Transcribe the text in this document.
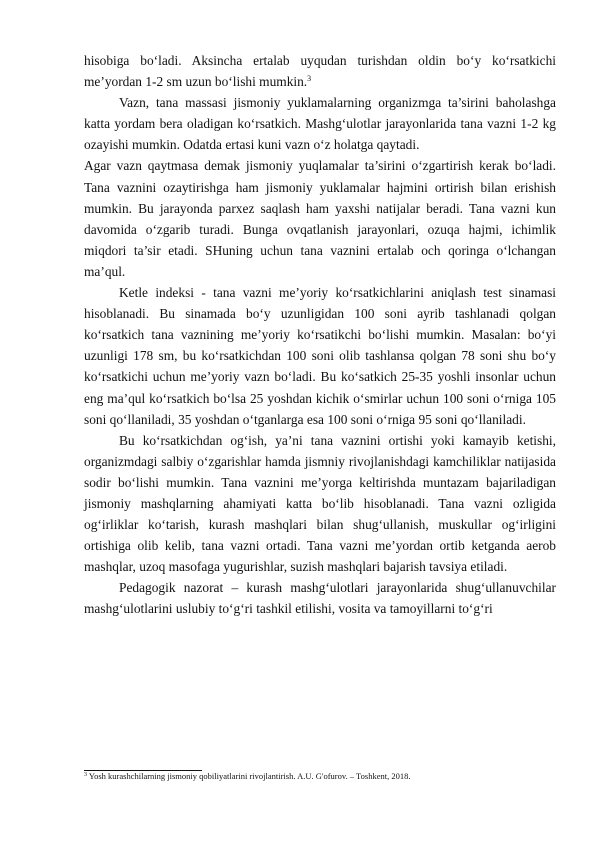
hisobiga bo‘ladi. Aksincha ertalab uyqudan turishdan oldin bo‘y ko‘rsatkichi me’yordan 1-2 sm uzun bo‘lishi mumkin.$^3$

Vazn, tana massasi jismoniy yuklamalarning organizmga ta’sirini baholashga katta yordam bera oladigan ko‘rsatkich. Mashg‘ulotlar jarayonlarida tana vazni 1-2 kg ozayishi mumkin. Odatda ertasi kuni vazn o‘z holatga qaytadi.

Agar vazn qaytmasa demak jismoniy yuqlamalar ta’sirini o‘zgartirish kerak bo‘ladi. Tana vaznini ozaytirishga ham jismoniy yuklamalar hajmini ortirish bilan erishish mumkin. Bu jarayonda parxez saqlash ham yaxshi natijalar beradi. Tana vazni kun davomida o‘zgarib turadi. Bunga ovqatlanish jarayonlari, ozuqa hajmi, ichimlik miqdori ta’sir etadi. SHuning uchun tana vaznini ertalab och qoringa o‘lchangan ma’qul.

Ketle indeksi - tana vazni me’yoriy ko‘rsatkichlarini aniqlash test sinamasi hisoblanadi. Bu sinamada bo‘y uzunligidan 100 soni ayrib tashlanadi qolgan ko‘rsatkich tana vaznining me’yoriy ko‘rsatikchi bo‘lishi mumkin. Masalan: bo‘yi uzunligi 178 sm, bu ko‘rsatkichdan 100 soni olib tashlansa qolgan 78 soni shu bo‘y ko‘rsatkichi uchun me’yoriy vazn bo‘ladi. Bu ko‘satkich 25-35 yoshli insonlar uchun eng ma’qul ko‘rsatkich bo‘lsa 25 yoshdan kichik o‘smirlar uchun 100 soni o‘rniga 105 soni qo‘llaniladi, 35 yoshdan o‘tganlarga esa 100 soni o‘rniga 95 soni qo‘llaniladi.

Bu ko‘rsatkichdan og‘ish, ya’ni tana vaznini ortishi yoki kamayib ketishi, organizmdagi salbiy o‘zgarishlar hamda jismniy rivojlanishdagi kamchiliklar natijasida sodir bo‘lishi mumkin. Tana vaznini me’yorga keltirishda muntazam bajariladigan jismoniy mashqlarning ahamiyati katta bo‘lib hisoblanadi. Tana vazni ozligida og‘irliklar ko‘tarish, kurash mashqlari bilan shug‘ullanish, muskullar og‘irligini ortishiga olib kelib, tana vazni ortadi. Tana vazni me’yordan ortib ketganda aerob mashqlar, uzoq masofaga yugurishlar, suzish mashqlari bajarish tavsiya etiladi.

Pedagogik nazorat – kurash mashg‘ulotlari jarayonlarida shug‘ullanuvchilar mashg‘ulotlarini uslubiy to‘g‘ri tashkil etilishi, vosita va tamoyillarni to‘g‘ri

$^3$ Yosh kurashchilarning jismoniy qobiliyatlarini rivojlantirish. A.U. G'ofurov. – Toshkent, 2018.
